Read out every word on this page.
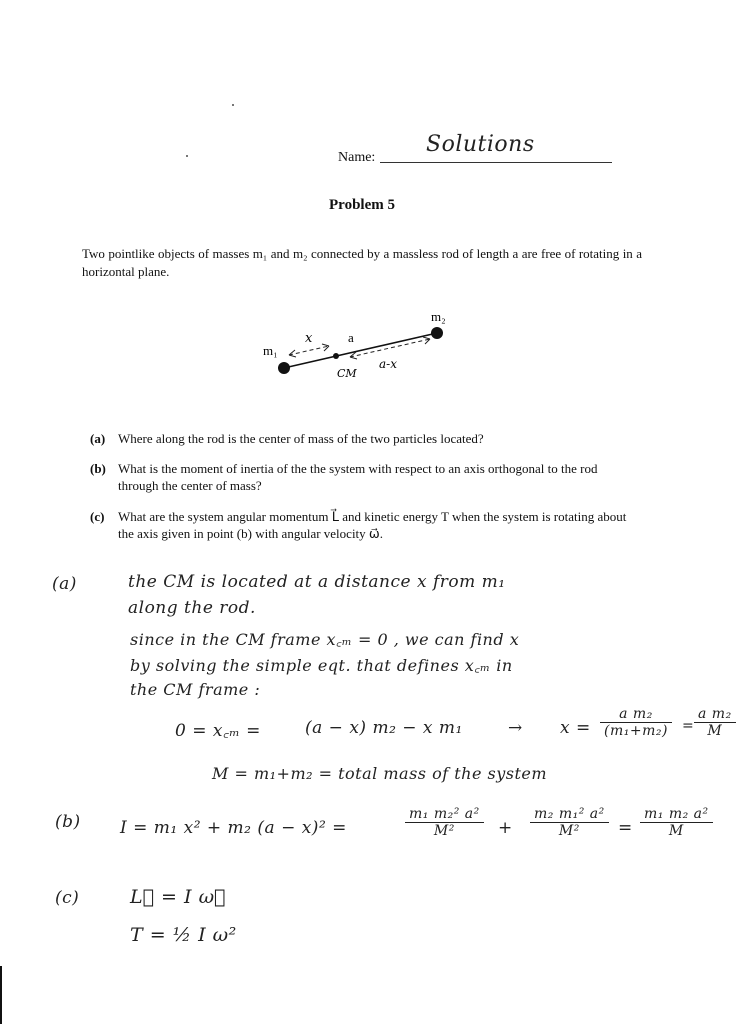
Name:
Solutions
Problem 5
Two pointlike objects of masses m₁ and m₂ connected by a massless rod of length a are free of rotating in a horizontal plane.
m₁
m₂
x	a
CM
a-x
(a) Where along the rod is the center of mass of the two particles located?
(b) What is the moment of inertia of the the system with respect to an axis orthogonal to the rod through the center of mass?
(c) What are the system angular momentum L⃗ and kinetic energy T when the system is rotating about the axis given in point (b) with angular velocity ω⃗.
(a)	the CM is located at a distance x from m₁
along the rod.
since in the CM frame x꜀ₘ = 0 , we can find x
by solving the simple eqt. that defines x꜀ₘ in
the CM frame :
0 = x꜀ₘ =	(a − x) m₂ − x m₁	→ $x = \frac{\text{a m₂}}{\text{(m₁+m₂)}} = \frac{\text{a m₂}}{M}$
M = m₁+m₂ = total mass of the system
(b) I = m₁ x² + m₂ (a − x)² =	$\frac{\text{m₁ m₂² a²}}{\text{M²}} + \frac{\text{m₂ m₁² a²}}{\text{M²}} = \frac{\text{m₁ m₂ a²}}{M}$
(c)	L⃗ = I ω⃗
T = ½ I ω²
